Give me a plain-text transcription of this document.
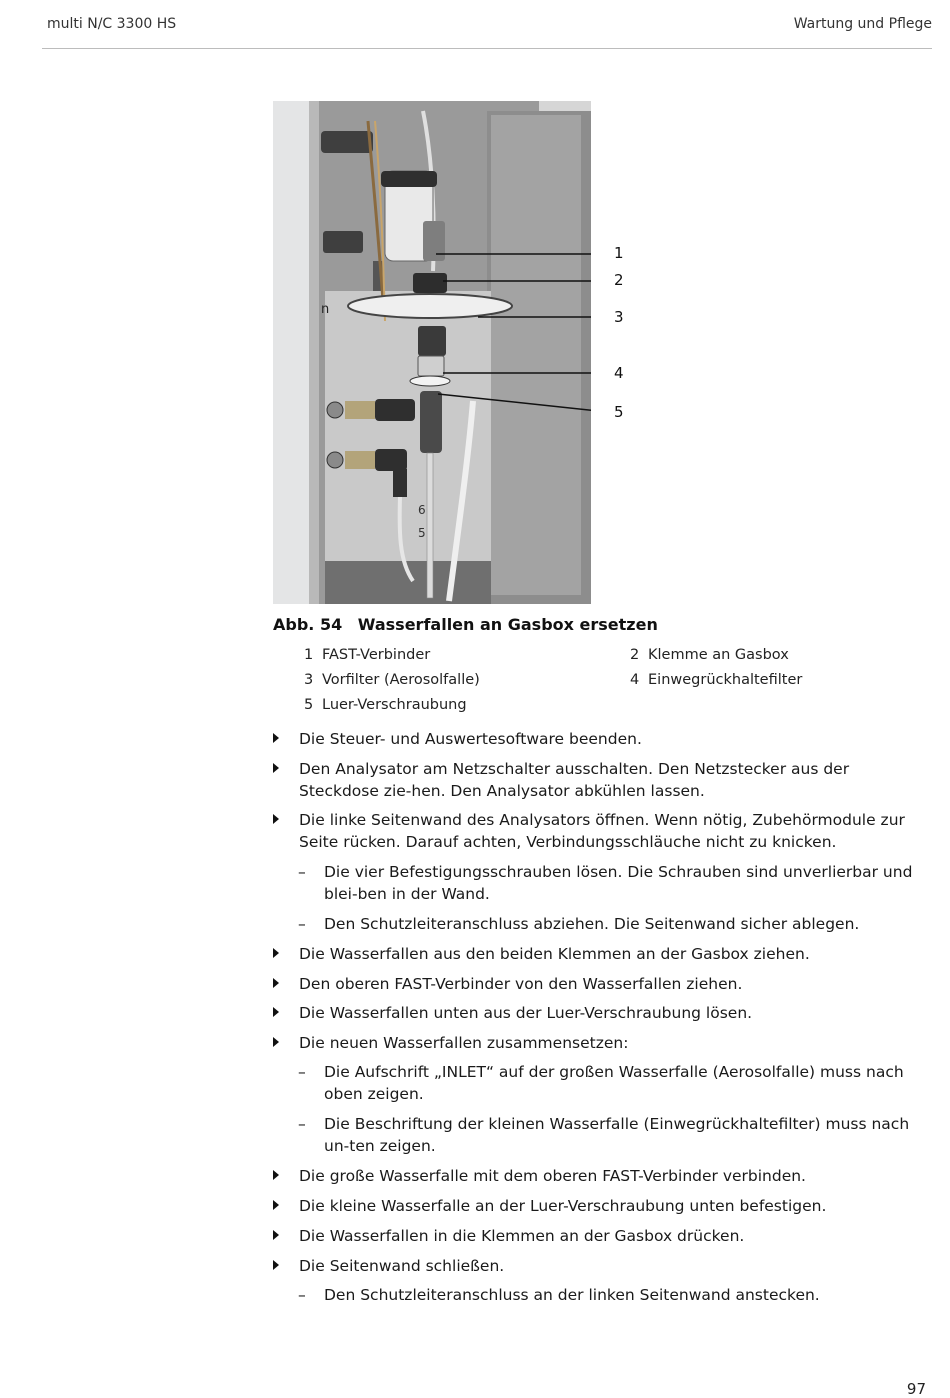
multi N/C 3300 HS	Wartung und Pflege
n
6
5
1
2
3
4
5
Abb. 54 Wasserfallen an Gasbox ersetzen
1 FAST-Verbinder	2 Klemme an Gasbox
3 Vorfilter (Aerosolfalle)	4 Einwegrückhaltefilter
5 Luer-Verschraubung
Die Steuer- und Auswertesoftware beenden.
Den Analysator am Netzschalter ausschalten. Den Netzstecker aus der Steckdose zie-hen. Den Analysator abkühlen lassen.
Die linke Seitenwand des Analysators öffnen. Wenn nötig, Zubehörmodule zur Seite rücken. Darauf achten, Verbindungsschläuche nicht zu knicken.
– Die vier Befestigungsschrauben lösen. Die Schrauben sind unverlierbar und blei-ben in der Wand.
– Den Schutzleiteranschluss abziehen. Die Seitenwand sicher ablegen.
Die Wasserfallen aus den beiden Klemmen an der Gasbox ziehen.
Den oberen FAST-Verbinder von den Wasserfallen ziehen.
Die Wasserfallen unten aus der Luer-Verschraubung lösen.
Die neuen Wasserfallen zusammensetzen:
– Die Aufschrift „INLET“ auf der großen Wasserfalle (Aerosolfalle) muss nach oben zeigen.
– Die Beschriftung der kleinen Wasserfalle (Einwegrückhaltefilter) muss nach un-ten zeigen.
Die große Wasserfalle mit dem oberen FAST-Verbinder verbinden.
Die kleine Wasserfalle an der Luer-Verschraubung unten befestigen.
Die Wasserfallen in die Klemmen an der Gasbox drücken.
Die Seitenwand schließen.
– Den Schutzleiteranschluss an der linken Seitenwand anstecken.
97
